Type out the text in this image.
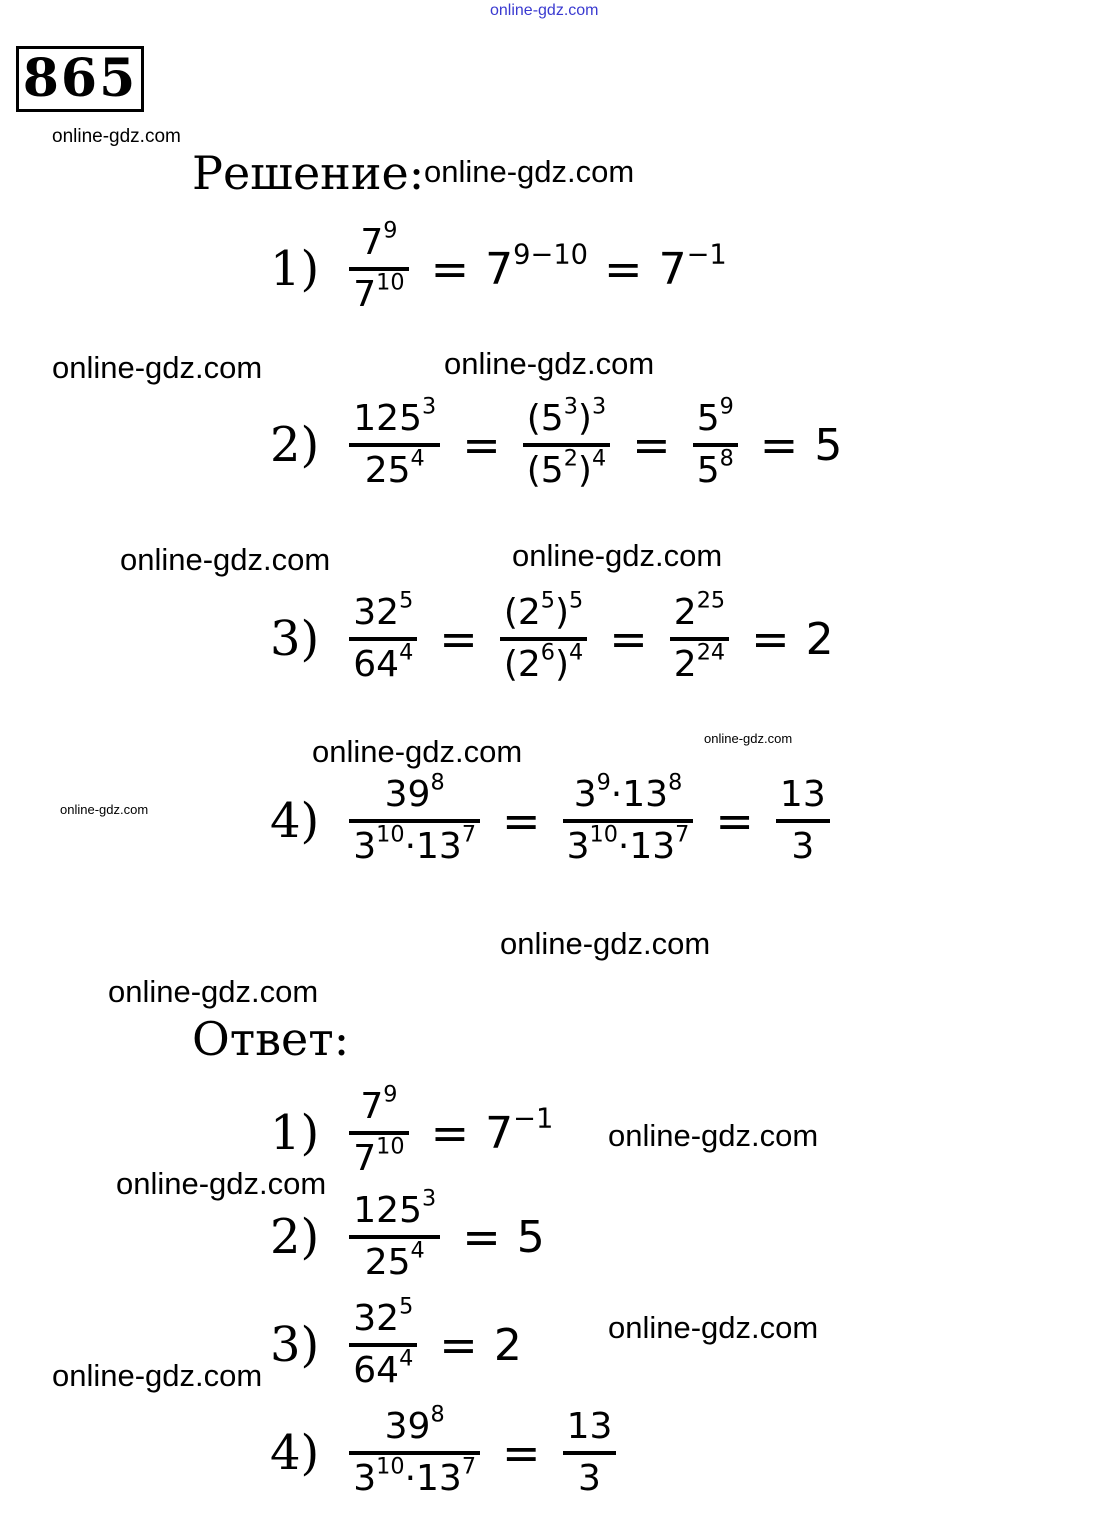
online-gdz.com
online-gdz.com
online-gdz.com
online-gdz.com	online-gdz.com
online-gdz.com	online-gdz.com
online-gdz.com	online-gdz.com
online-gdz.com
online-gdz.com
online-gdz.com
online-gdz.com
online-gdz.com
online-gdz.com
online-gdz.com
865
Решение:
$1) \frac{7^9}{7^{10}} = 7^{9-10} = 7^{-1}$
$2) \frac{125^3}{25^4} = \frac{(5^3)^3}{(5^2)^4} = \frac{5^9}{5^8} = 5$
$3) \frac{32^5}{64^4} = \frac{(2^5)^5}{(2^6)^4} = \frac{2^{25}}{2^{24}} = 2$
$4) \frac{39^8}{3^{10}\cdot 13^7} = \frac{3^9\cdot 13^8}{3^{10}\cdot 13^7} = \frac{13}{3}$
Ответ:
$1) \frac{7^9}{7^{10}} = 7^{-1}$
$2) \frac{125^3}{25^4} = 5$
$3) \frac{32^5}{64^4} = 2$
$4) \frac{39^8}{3^{10}\cdot 13^7} = \frac{13}{3}$
